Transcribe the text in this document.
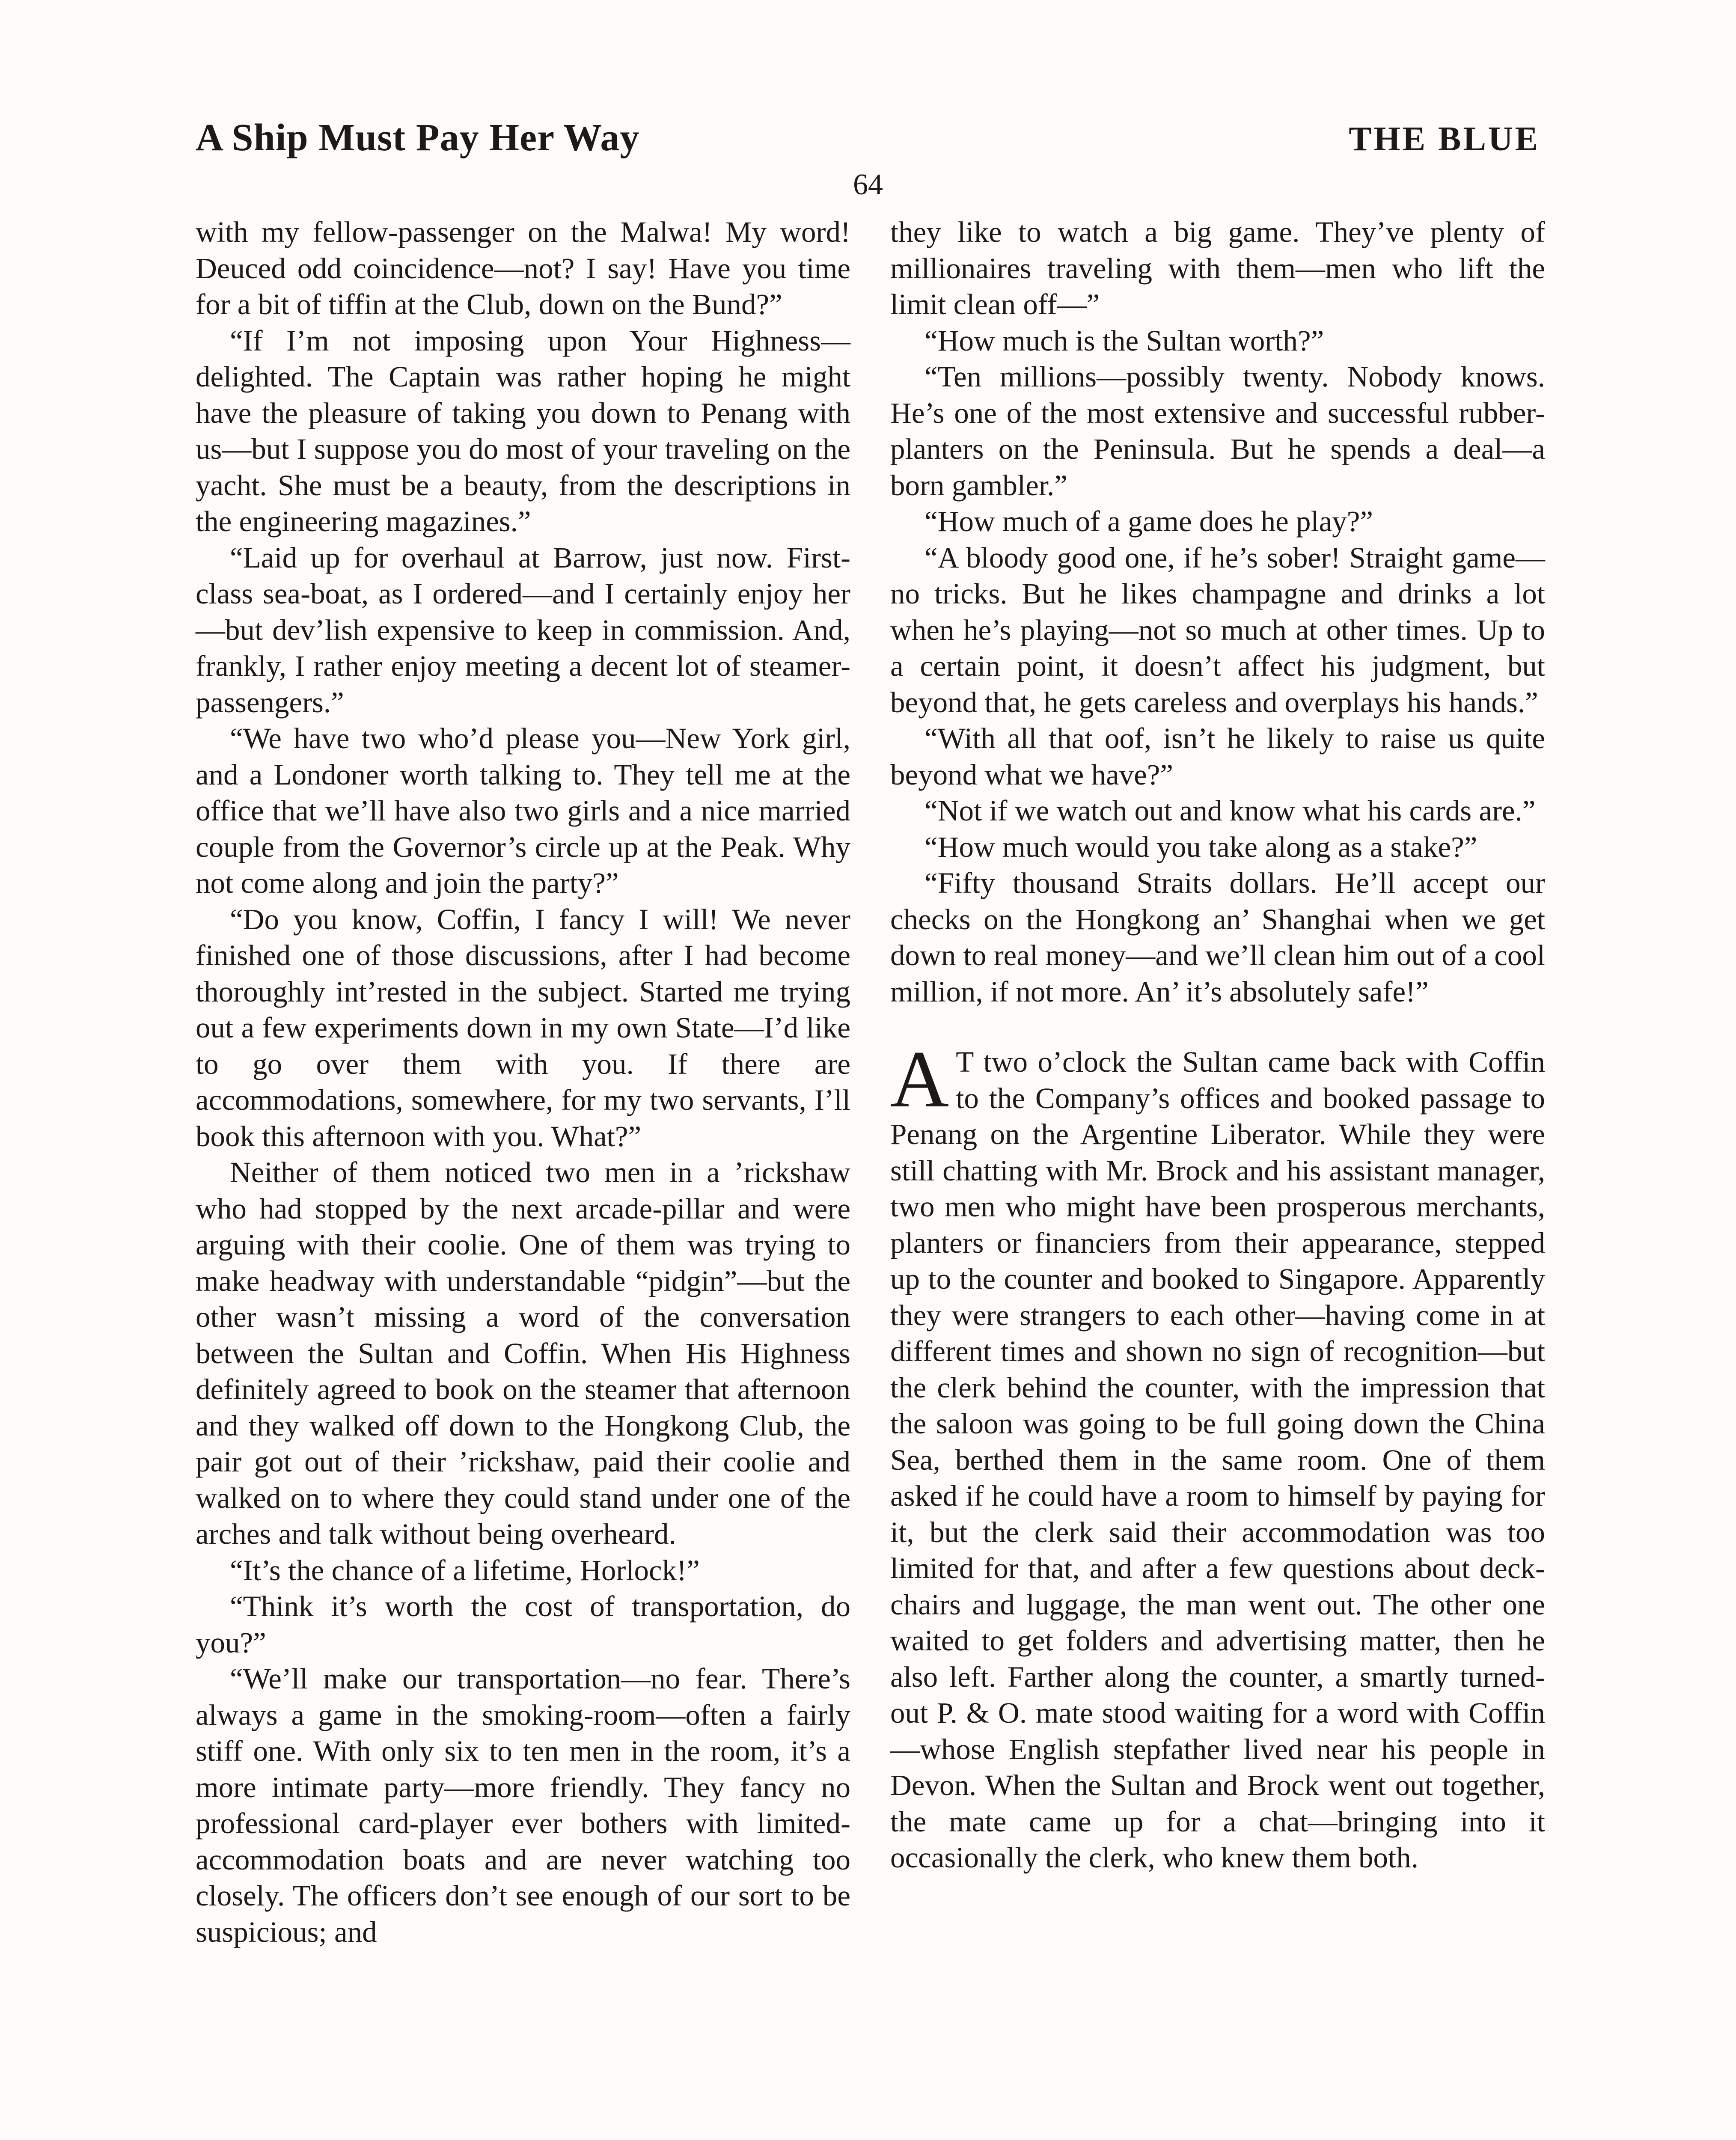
A Ship Must Pay Her Way	THE BLUE
64

with my fellow-passenger on the Malwa! My word! Deuced odd coincidence—not? I say! Have you time for a bit of tiffin at the Club, down on the Bund?”

“If I’m not imposing upon Your Highness—delighted. The Captain was rather hoping he might have the pleasure of taking you down to Penang with us—but I suppose you do most of your traveling on the yacht. She must be a beauty, from the descriptions in the engineering magazines.”

“Laid up for overhaul at Barrow, just now. First-class sea-boat, as I ordered—and I certainly enjoy her—but dev’lish expensive to keep in commission. And, frankly, I rather enjoy meeting a decent lot of steamer-passengers.”

“We have two who’d please you—New York girl, and a Londoner worth talking to. They tell me at the office that we’ll have also two girls and a nice married couple from the Governor’s circle up at the Peak. Why not come along and join the party?”

“Do you know, Coffin, I fancy I will! We never finished one of those discussions, after I had become thoroughly int’rested in the subject. Started me trying out a few experiments down in my own State—I’d like to go over them with you. If there are accommodations, somewhere, for my two servants, I’ll book this afternoon with you. What?”

Neither of them noticed two men in a ’rickshaw who had stopped by the next arcade-pillar and were arguing with their coolie. One of them was trying to make headway with understandable “pidgin”—but the other wasn’t missing a word of the conversation between the Sultan and Coffin. When His Highness definitely agreed to book on the steamer that afternoon and they walked off down to the Hongkong Club, the pair got out of their ’rickshaw, paid their coolie and walked on to where they could stand under one of the arches and talk without being overheard.

“It’s the chance of a lifetime, Horlock!”

“Think it’s worth the cost of transportation, do you?”

“We’ll make our transportation—no fear. There’s always a game in the smoking-room—often a fairly stiff one. With only six to ten men in the room, it’s a more intimate party—more friendly. They fancy no professional card-player ever bothers with limited-accommodation boats and are never watching too closely. The officers don’t see enough of our sort to be suspicious; and

they like to watch a big game. They’ve plenty of millionaires traveling with them—men who lift the limit clean off—”

“How much is the Sultan worth?”

“Ten millions—possibly twenty. Nobody knows. He’s one of the most extensive and successful rubber-planters on the Peninsula. But he spends a deal—a born gambler.”

“How much of a game does he play?”

“A bloody good one, if he’s sober! Straight game—no tricks. But he likes champagne and drinks a lot when he’s playing—not so much at other times. Up to a certain point, it doesn’t affect his judgment, but beyond that, he gets careless and overplays his hands.”

“With all that oof, isn’t he likely to raise us quite beyond what we have?”

“Not if we watch out and know what his cards are.”

“How much would you take along as a stake?”

“Fifty thousand Straits dollars. He’ll accept our checks on the Hongkong an’ Shanghai when we get down to real money—and we’ll clean him out of a cool million, if not more. An’ it’s absolutely safe!”

A T two o’clock the Sultan came back with Coffin to the Company’s offices and booked passage to Penang on the Argentine Liberator. While they were still chatting with Mr. Brock and his assistant manager, two men who might have been prosperous merchants, planters or financiers from their appearance, stepped up to the counter and booked to Singapore. Apparently they were strangers to each other—having come in at different times and shown no sign of recognition—but the clerk behind the counter, with the impression that the saloon was going to be full going down the China Sea, berthed them in the same room. One of them asked if he could have a room to himself by paying for it, but the clerk said their accommodation was too limited for that, and after a few questions about deck-chairs and luggage, the man went out. The other one waited to get folders and advertising matter, then he also left. Farther along the counter, a smartly turned-out P. & O. mate stood waiting for a word with Coffin—whose English stepfather lived near his people in Devon. When the Sultan and Brock went out together, the mate came up for a chat—bringing into it occasionally the clerk, who knew them both.
